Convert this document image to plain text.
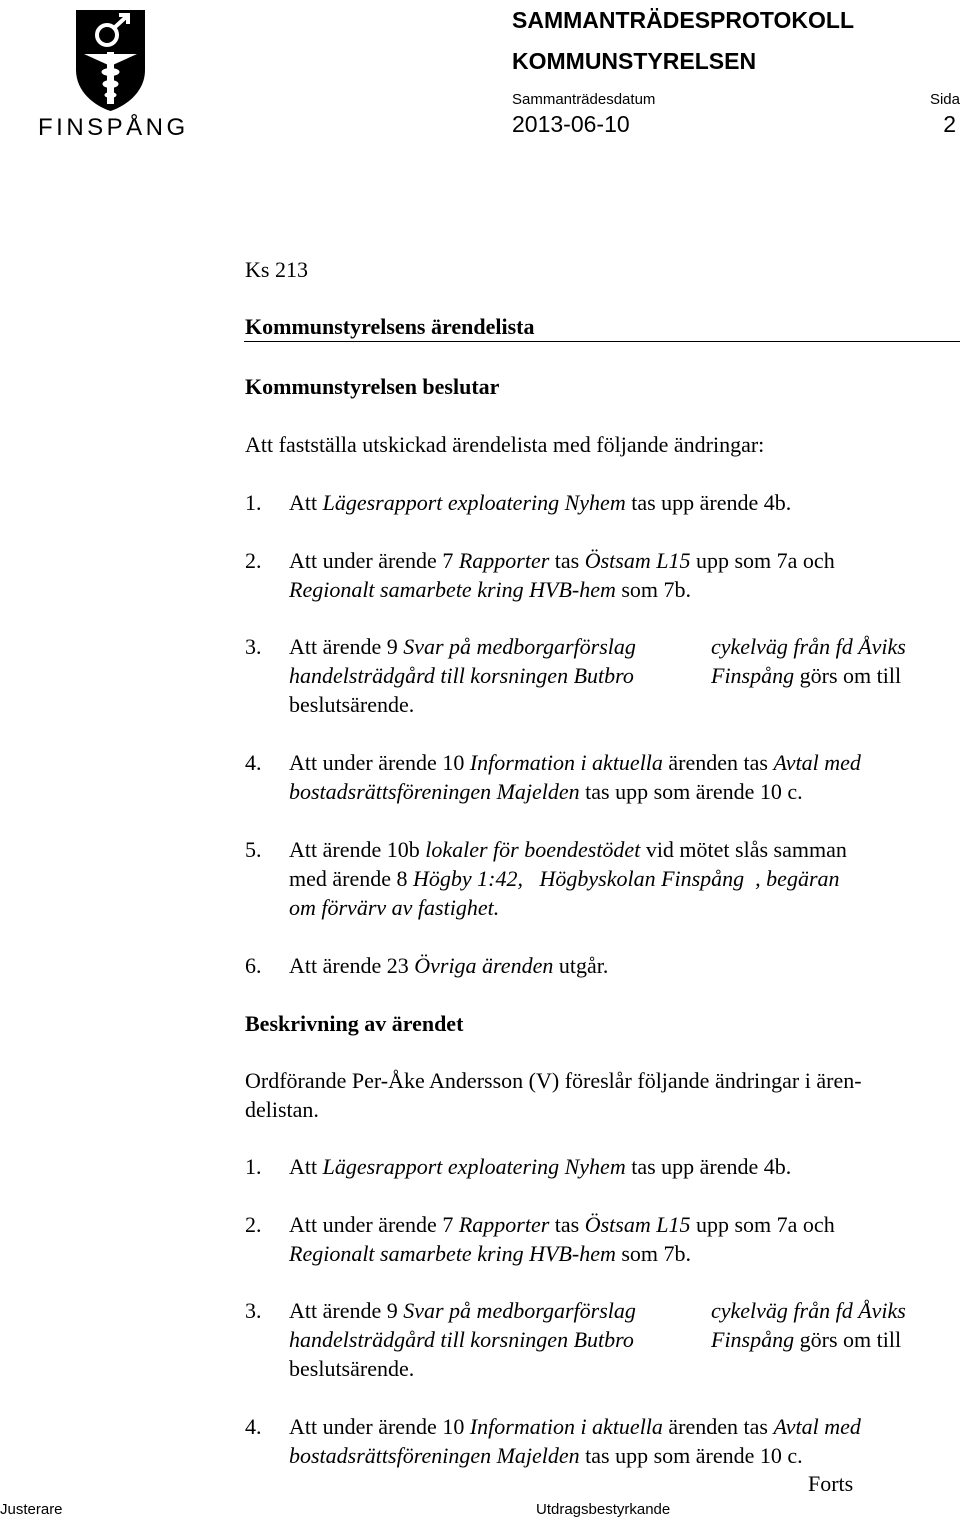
FINSPÅNG
SAMMANTRÄDESPROTOKOLL
KOMMUNSTYRELSEN
Sammanträdesdatum	Sida
2013-06-10	2
Ks 213
Kommunstyrelsens ärendelista
Kommunstyrelsen beslutar
Att fastställa utskickad ärendelista med följande ändringar:
1. Att Lägesrapport exploatering Nyhem tas upp ärende 4b.
2. Att under ärende 7 Rapporter tas Östsam L15 upp som 7a och
Regionalt samarbete kring HVB-hem som 7b.
3. Att ärende 9 Svar på medborgarförslag	cykelväg från fd Åviks
handelsträdgård till korsningen Butbro	Finspång görs om till
beslutsärende.
4. Att under ärende 10 Information i aktuella ärenden tas Avtal med
bostadsrättsföreningen Majelden tas upp som ärende 10 c.
5. Att ärende 10b lokaler för boendestödet vid mötet slås samman
med ärende 8 Högby 1:42,   Högbyskolan Finspång  , begäran
om förvärv av fastighet.
6. Att ärende 23 Övriga ärenden utgår.
Beskrivning av ärendet
Ordförande Per-Åke Andersson (V) föreslår följande ändringar i ären-
delistan.
1. Att Lägesrapport exploatering Nyhem tas upp ärende 4b.
2. Att under ärende 7 Rapporter tas Östsam L15 upp som 7a och
Regionalt samarbete kring HVB-hem som 7b.
3. Att ärende 9 Svar på medborgarförslag	cykelväg från fd Åviks
handelsträdgård till korsningen Butbro	Finspång görs om till
beslutsärende.
4. Att under ärende 10 Information i aktuella ärenden tas Avtal med
bostadsrättsföreningen Majelden tas upp som ärende 10 c.
Forts
Justerare	Utdragsbestyrkande
